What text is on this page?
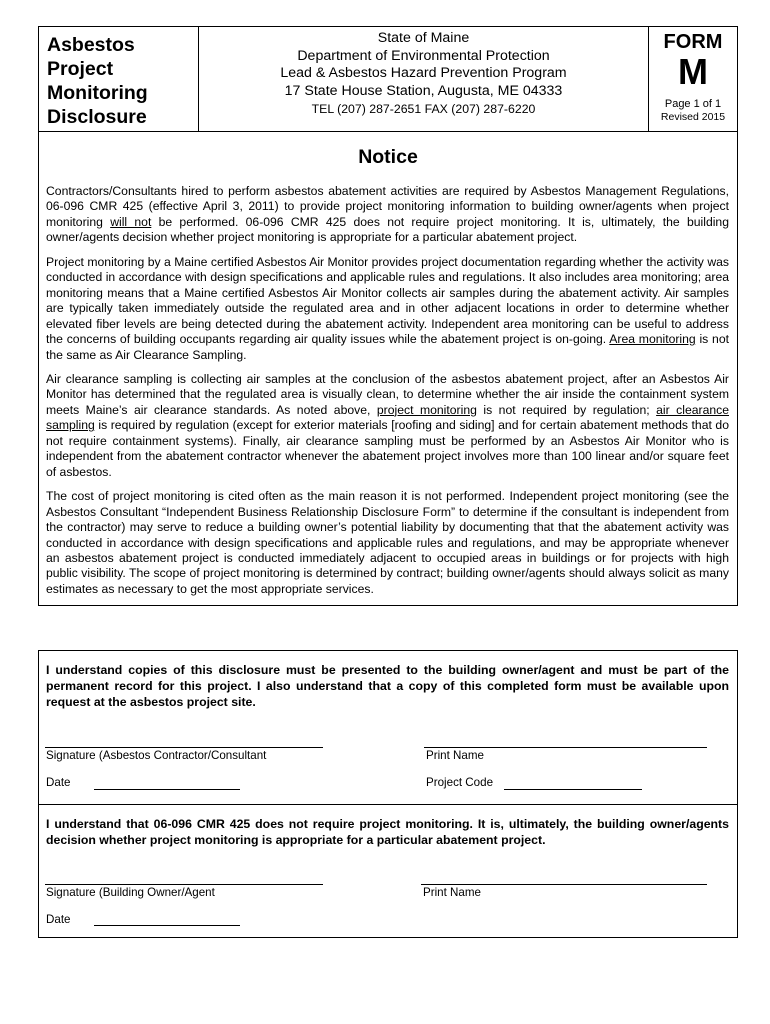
Asbestos
Project
Monitoring
Disclosure
State of Maine
Department of Environmental Protection
Lead & Asbestos Hazard Prevention Program
17 State House Station, Augusta, ME 04333
TEL (207) 287-2651 FAX (207) 287-6220
FORM
M
Page 1 of 1
Revised 2015
Notice

Contractors/Consultants hired to perform asbestos abatement activities are required by Asbestos Management Regulations, 06-096 CMR 425 (effective April 3, 2011) to provide project monitoring information to building owner/agents when project monitoring will not be performed. 06-096 CMR 425 does not require project monitoring. It is, ultimately, the building owner/agents decision whether project monitoring is appropriate for a particular abatement project.

Project monitoring by a Maine certified Asbestos Air Monitor provides project documentation regarding whether the activity was conducted in accordance with design specifications and applicable rules and regulations. It also includes area monitoring; area monitoring means that a Maine certified Asbestos Air Monitor collects air samples during the abatement activity. Air samples are typically taken immediately outside the regulated area and in other adjacent locations in order to determine whether elevated fiber levels are being detected during the abatement activity. Independent area monitoring can be useful to address the concerns of building occupants regarding air quality issues while the abatement project is on-going. Area monitoring is not the same as Air Clearance Sampling.

Air clearance sampling is collecting air samples at the conclusion of the asbestos abatement project, after an Asbestos Air Monitor has determined that the regulated area is visually clean, to determine whether the air inside the containment system meets Maine’s air clearance standards. As noted above, project monitoring is not required by regulation; air clearance sampling is required by regulation (except for exterior materials [roofing and siding] and for certain abatement methods that do not require containment systems). Finally, air clearance sampling must be performed by an Asbestos Air Monitor who is independent from the abatement contractor whenever the abatement project involves more than 100 linear and/or square feet of asbestos.

The cost of project monitoring is cited often as the main reason it is not performed. Independent project monitoring (see the Asbestos Consultant “Independent Business Relationship Disclosure Form” to determine if the consultant is independent from the contractor) may serve to reduce a building owner’s potential liability by documenting that that the abatement activity was conducted in accordance with design specifications and applicable rules and regulations, and may be appropriate whenever an asbestos abatement project is conducted immediately adjacent to occupied areas in buildings or for projects with high public visibility. The scope of project monitoring is determined by contract; building owner/agents should always solicit as many estimates as necessary to get the most appropriate services.

I understand copies of this disclosure must be presented to the building owner/agent and must be part of the permanent record for this project. I also understand that a copy of this completed form must be available upon request at the asbestos project site.
Signature (Asbestos Contractor/Consultant	Print Name
Date	Project Code
I understand that 06-096 CMR 425 does not require project monitoring. It is, ultimately, the building owner/agents decision whether project monitoring is appropriate for a particular abatement project.
Signature (Building Owner/Agent	Print Name
Date
